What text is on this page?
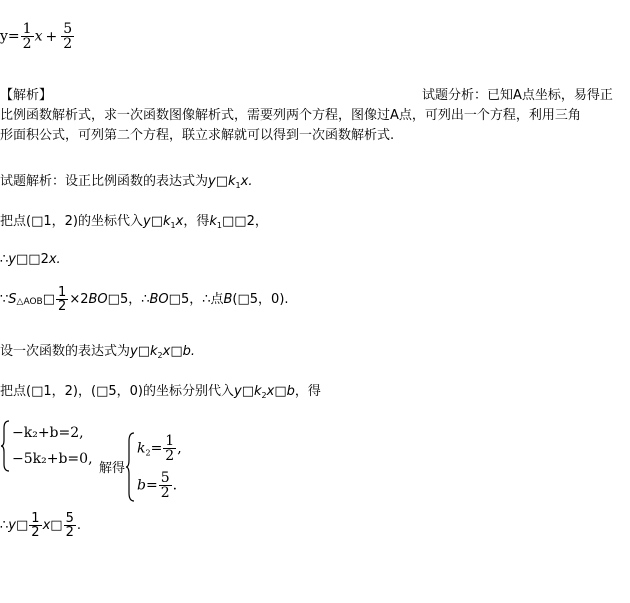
$y= \frac{1}{2}$ $x + \frac{5}{2}$
【解析】	试题分析：已知A点坐标，易得正
比例函数解析式，求一次函数图像解析式，需要列两个方程，图像过A点，可列出一个方程，利用三角
形面积公式，可列第二个方程，联立求解就可以得到一次函数解析式.
试题解析：设正比例函数的表达式为$y□k_1x$.
把点(□1，2)的坐标代入$y□k_1x$，得$k_1□□2$，
∴y□□2x.
∵S△AOB□ $\frac{1}{2}$ ×2BO□5，∴BO□5，∴点B(□5，0).
设一次函数的表达式为$y□k_2x□b$.
把点(□1，2)，(□5，0)的坐标分别代入$y□k_2x□b$，得
−k₂+b=2,
−5k₂+b=0,

解得
$k_2= \frac{1}{2}$ ,
$b= \frac{5}{2}$ .
∴y□ $\frac{1}{2}$ x□ $\frac{5}{2}$ .
